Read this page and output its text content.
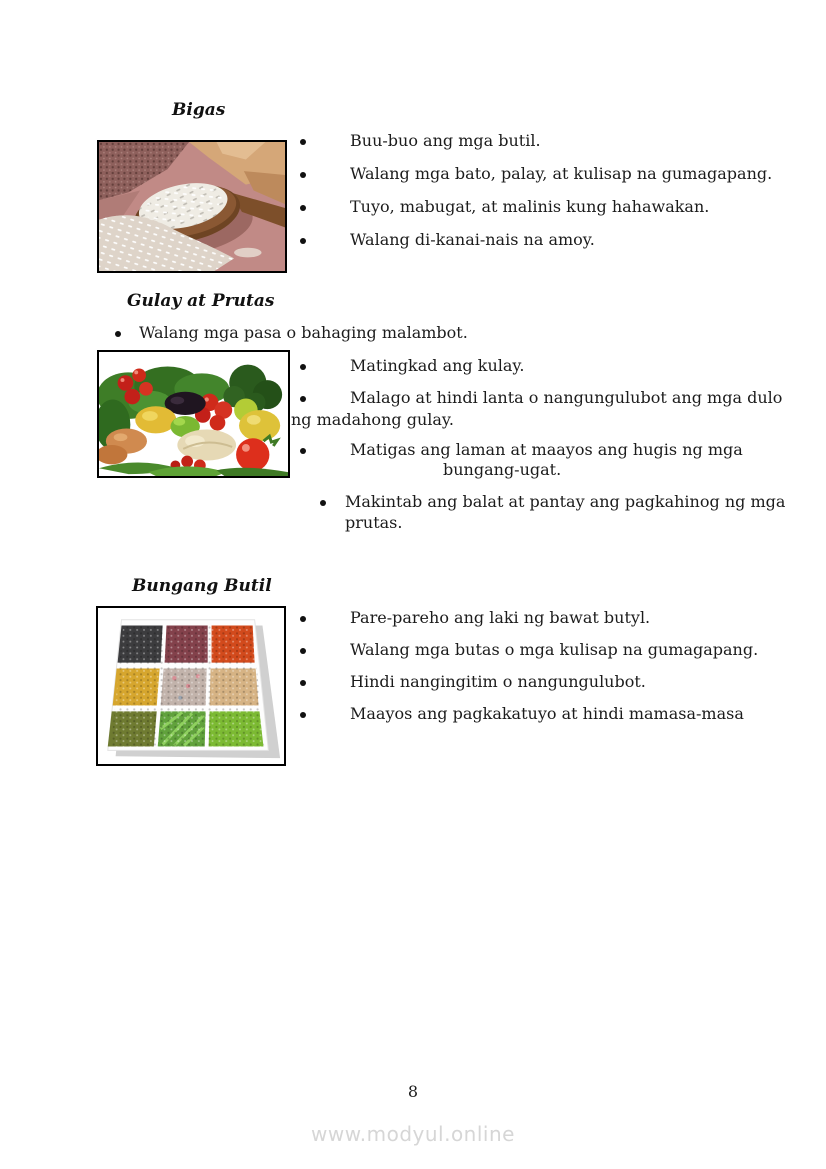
Bigas
Buu-buo ang mga butil.
Walang mga bato, palay, at kulisap na gumagapang.
Tuyo, mabugat, at malinis kung hahawakan.
Walang di-kanai-nais na amoy.
Gulay at Prutas
Walang mga pasa o bahaging malambot.
Matingkad ang kulay.
Malago at hindi lanta o nangungulubot ang mga dulo
ng madahong gulay.
Matigas ang laman at maayos ang hugis ng mga
bungang-ugat.
Makintab ang balat at pantay ang pagkahinog ng mga
prutas.
Bungang Butil
Pare-pareho ang laki ng bawat butyl.
Walang mga butas o mga kulisap na gumagapang.
Hindi nangingitim o nangungulubot.
Maayos ang pagkakatuyo at hindi mamasa-masa
8
www.modyul.online
